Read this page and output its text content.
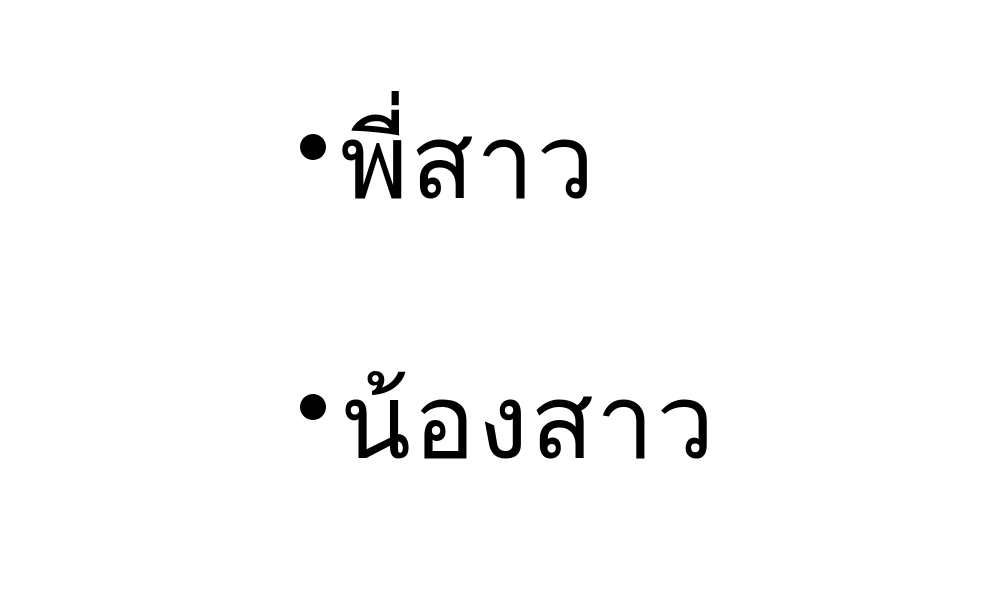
พี่สาว
น้องสาว
